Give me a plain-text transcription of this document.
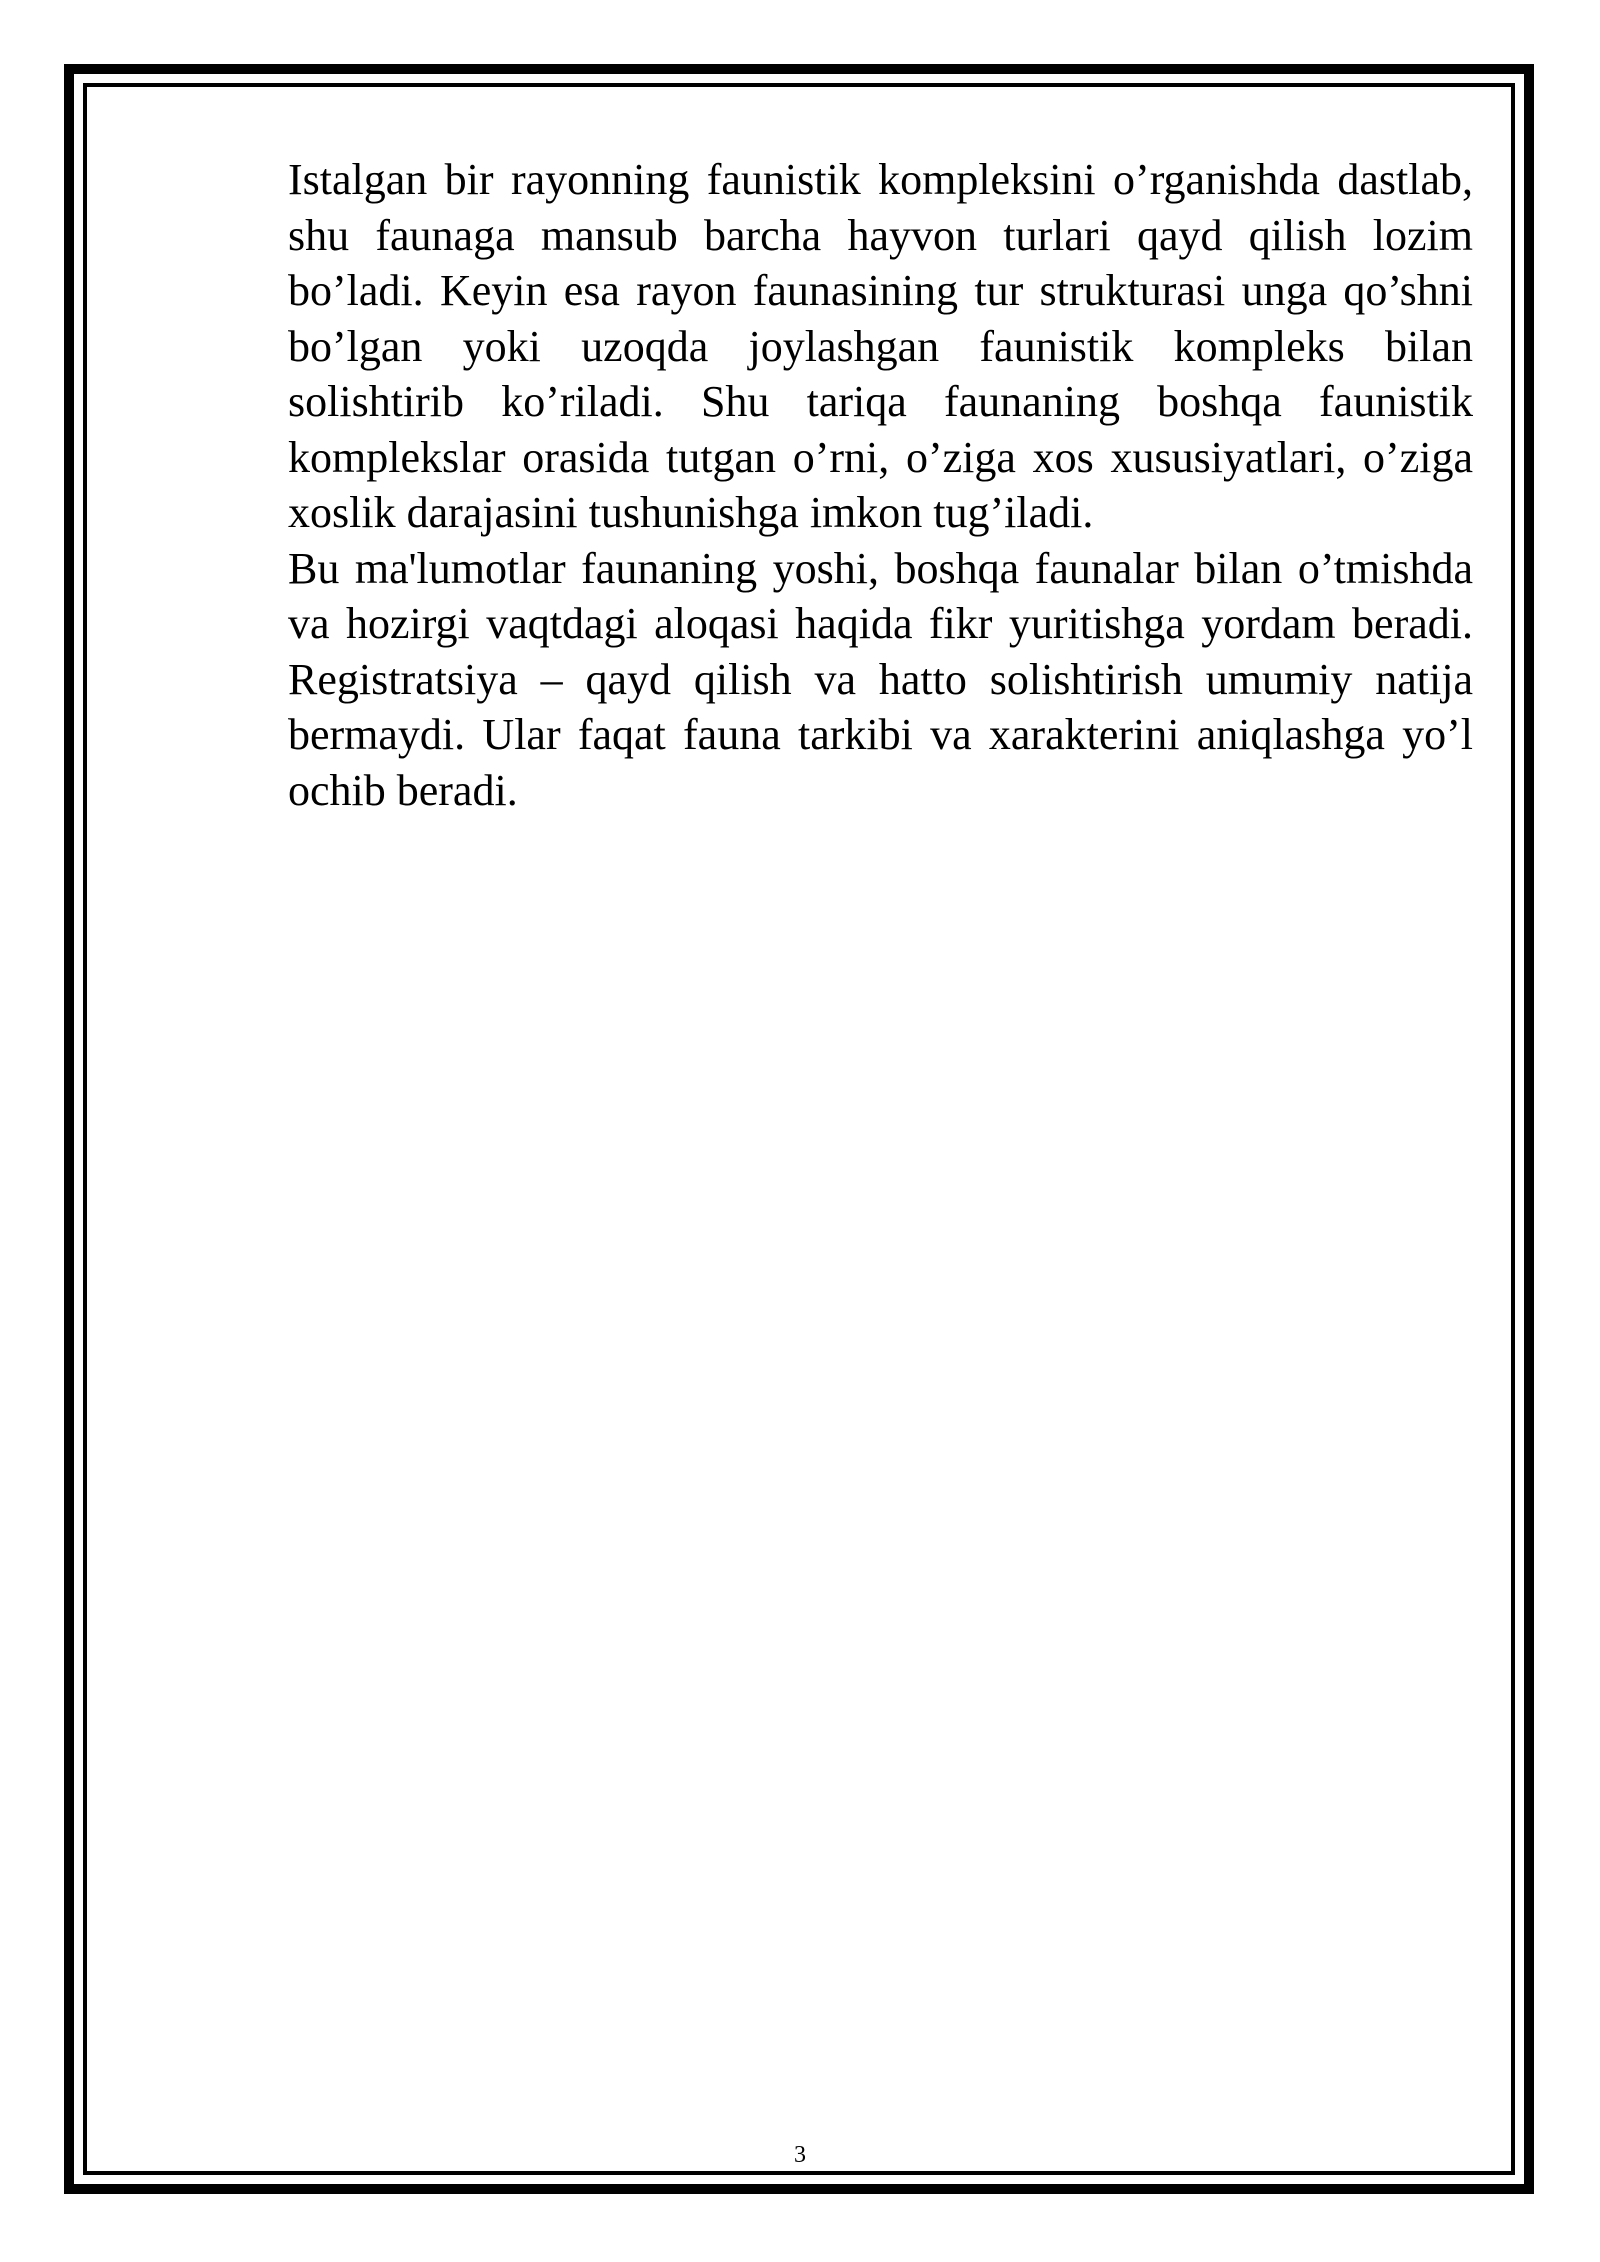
Istalgan bir rayonning faunistik kompleksini o’rganishda dastlab, shu faunaga mansub barcha hayvon turlari qayd qilish lozim bo’ladi. Keyin esa rayon faunasining tur strukturasi unga qo’shni bo’lgan yoki uzoqda joylashgan faunistik kompleks bilan solishtirib ko’riladi. Shu tariqa faunaning boshqa faunistik komplekslar orasida tutgan o’rni, o’ziga xos xususiyatlari, o’ziga xoslik darajasini tushunishga imkon tug’iladi.

Bu ma'lumotlar faunaning yoshi, boshqa faunalar bilan o’tmishda va hozirgi vaqtdagi aloqasi haqida fikr yuritishga yordam beradi. Registratsiya – qayd qilish va hatto solishtirish umumiy natija bermaydi. Ular faqat fauna tarkibi va xarakterini aniqlashga yo’l ochib beradi.

3
